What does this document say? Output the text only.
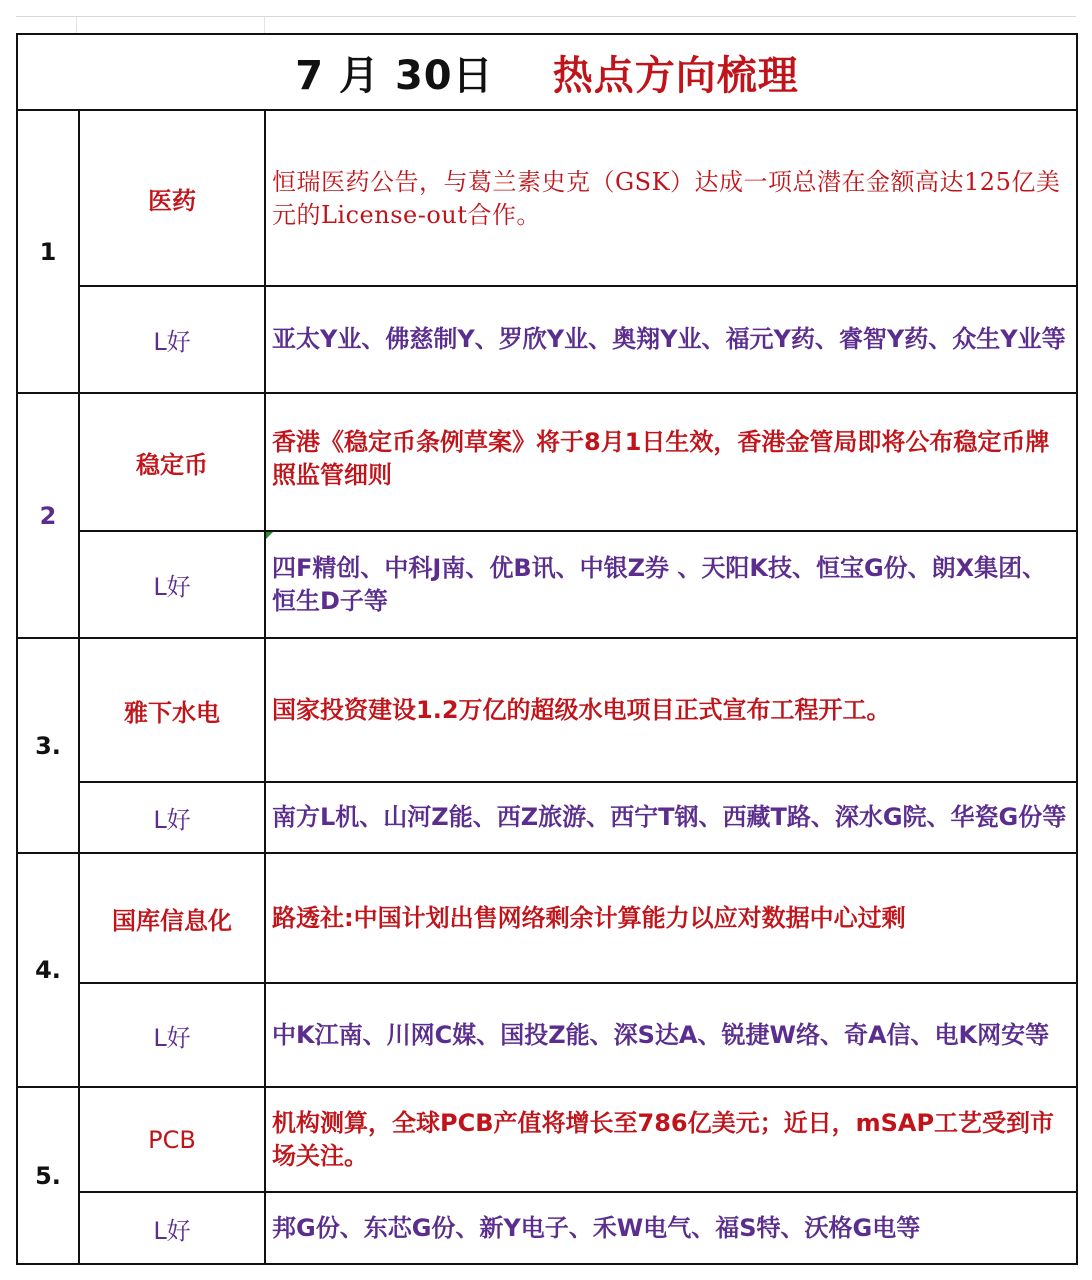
7 月 30日 热点方向梳理		
1	医药	恒瑞医药公告，与葛兰素史克（GSK）达成一项总潜在金额高达125亿美元的License-out合作。
	L好	亚太Y业、佛慈制Y、罗欣Y业、奥翔Y业、福元Y药、睿智Y药、众生Y业等
2	稳定币	香港《稳定币条例草案》将于8月1日生效，香港金管局即将公布稳定币牌照监管细则
	L好	四F精创、中科J南、优B讯、中银Z券 、天阳K技、恒宝G份、朗X集团、 恒生D子等
3.	雅下水电	国家投资建设1.2万亿的超级水电项目正式宣布工程开工。
	L好	南方L机、山河Z能、西Z旅游、西宁T钢、西藏T路、深水G院、华瓷G份等
4.	国库信息化	路透社:中国计划出售网络剩余计算能力以应对数据中心过剩
	L好	中K江南、川网C媒、国投Z能、深S达A、锐捷W络、奇A信、电K网安等
5.	PCB	机构测算，全球PCB产值将增长至786亿美元；近日，mSAP工艺受到市场关注。
	L好	邦G份、东芯G份、新Y电子、禾W电气、福S特、沃格G电等
